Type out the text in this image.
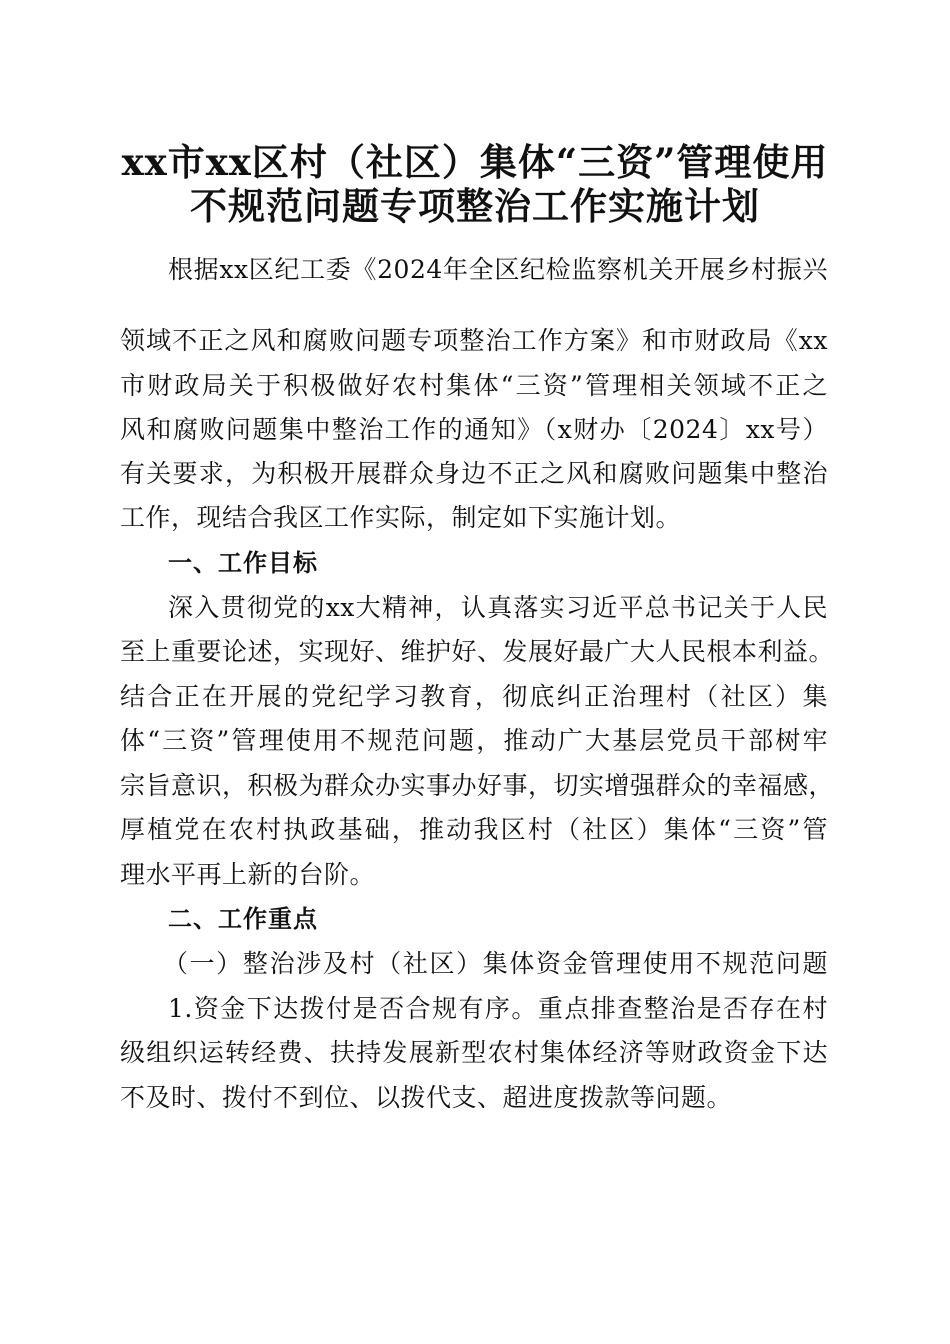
xx市xx区村（社区）集体“三资”管理使用
不规范问题专项整治工作实施计划
根据xx区纪工委《2024年全区纪检监察机关开展乡村振兴
领域不正之风和腐败问题专项整治工作方案》和市财政局《xx
市财政局关于积极做好农村集体“三资”管理相关领域不正之
风和腐败问题集中整治工作的通知》（x财办〔2024〕xx号）
有关要求，为积极开展群众身边不正之风和腐败问题集中整治
工作，现结合我区工作实际，制定如下实施计划。
一、工作目标
深入贯彻党的xx大精神，认真落实习近平总书记关于人民
至上重要论述，实现好、维护好、发展好最广大人民根本利益。
结合正在开展的党纪学习教育，彻底纠正治理村（社区）集
体“三资”管理使用不规范问题，推动广大基层党员干部树牢
宗旨意识，积极为群众办实事办好事，切实增强群众的幸福感，
厚植党在农村执政基础，推动我区村（社区）集体“三资”管
理水平再上新的台阶。
二、工作重点
（一）整治涉及村（社区）集体资金管理使用不规范问题
1.资金下达拨付是否合规有序。重点排查整治是否存在村
级组织运转经费、扶持发展新型农村集体经济等财政资金下达
不及时、拨付不到位、以拨代支、超进度拨款等问题。
